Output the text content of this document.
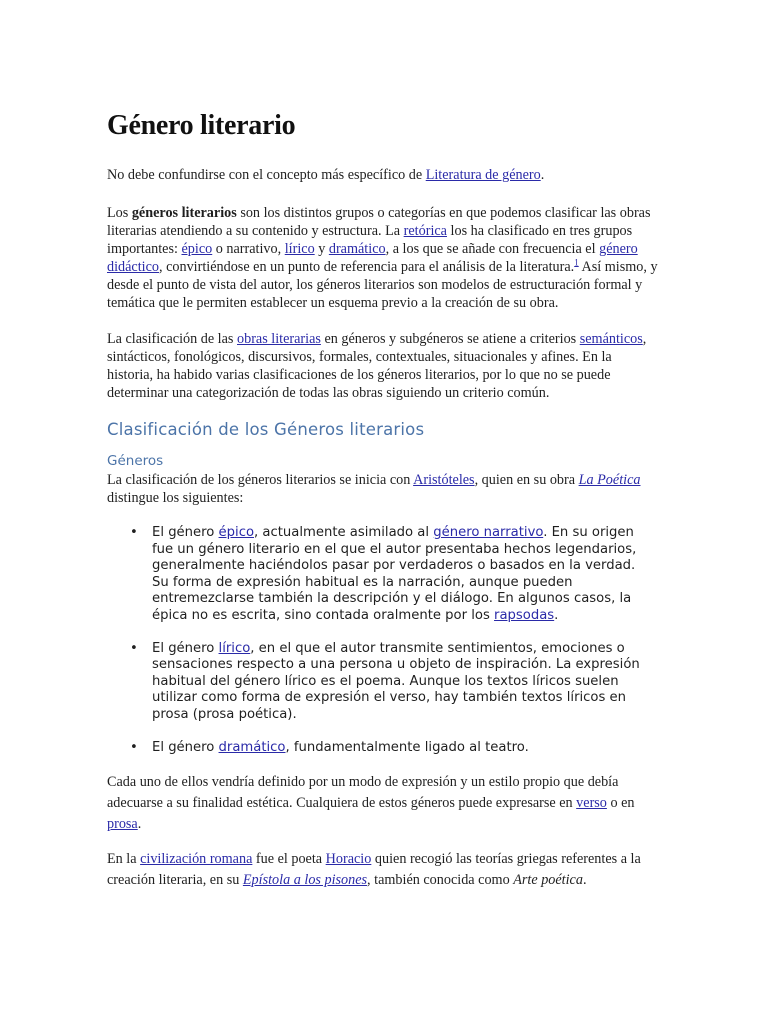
Género literario

No debe confundirse con el concepto más específico de Literatura de género.

Los géneros literarios son los distintos grupos o categorías en que podemos clasificar las obras literarias atendiendo a su contenido y estructura. La retórica los ha clasificado en tres grupos importantes: épico o narrativo, lírico y dramático, a los que se añade con frecuencia el género didáctico, convirtiéndose en un punto de referencia para el análisis de la literatura.$^1$ Así mismo, y desde el punto de vista del autor, los géneros literarios son modelos de estructuración formal y temática que le permiten establecer un esquema previo a la creación de su obra.

La clasificación de las obras literarias en géneros y subgéneros se atiene a criterios semánticos, sintácticos, fonológicos, discursivos, formales, contextuales, situacionales y afines. En la historia, ha habido varias clasificaciones de los géneros literarios, por lo que no se puede determinar una categorización de todas las obras siguiendo un criterio común.

Clasificación de los Géneros literarios
Géneros

La clasificación de los géneros literarios se inicia con Aristóteles, quien en su obra La Poética distingue los siguientes:

• El género épico, actualmente asimilado al género narrativo. En su origen fue un género literario en el que el autor presentaba hechos legendarios, generalmente haciéndolos pasar por verdaderos o basados en la verdad. Su forma de expresión habitual es la narración, aunque pueden entremezclarse también la descripción y el diálogo. En algunos casos, la épica no es escrita, sino contada oralmente por los rapsodas.
• El género lírico, en el que el autor transmite sentimientos, emociones o sensaciones respecto a una persona u objeto de inspiración. La expresión habitual del género lírico es el poema. Aunque los textos líricos suelen utilizar como forma de expresión el verso, hay también textos líricos en prosa (prosa poética).
• El género dramático, fundamentalmente ligado al teatro.

Cada uno de ellos vendría definido por un modo de expresión y un estilo propio que debía adecuarse a su finalidad estética. Cualquiera de estos géneros puede expresarse en verso o en prosa.

En la civilización romana fue el poeta Horacio quien recogió las teorías griegas referentes a la creación literaria, en su Epístola a los pisones, también conocida como Arte poética.
